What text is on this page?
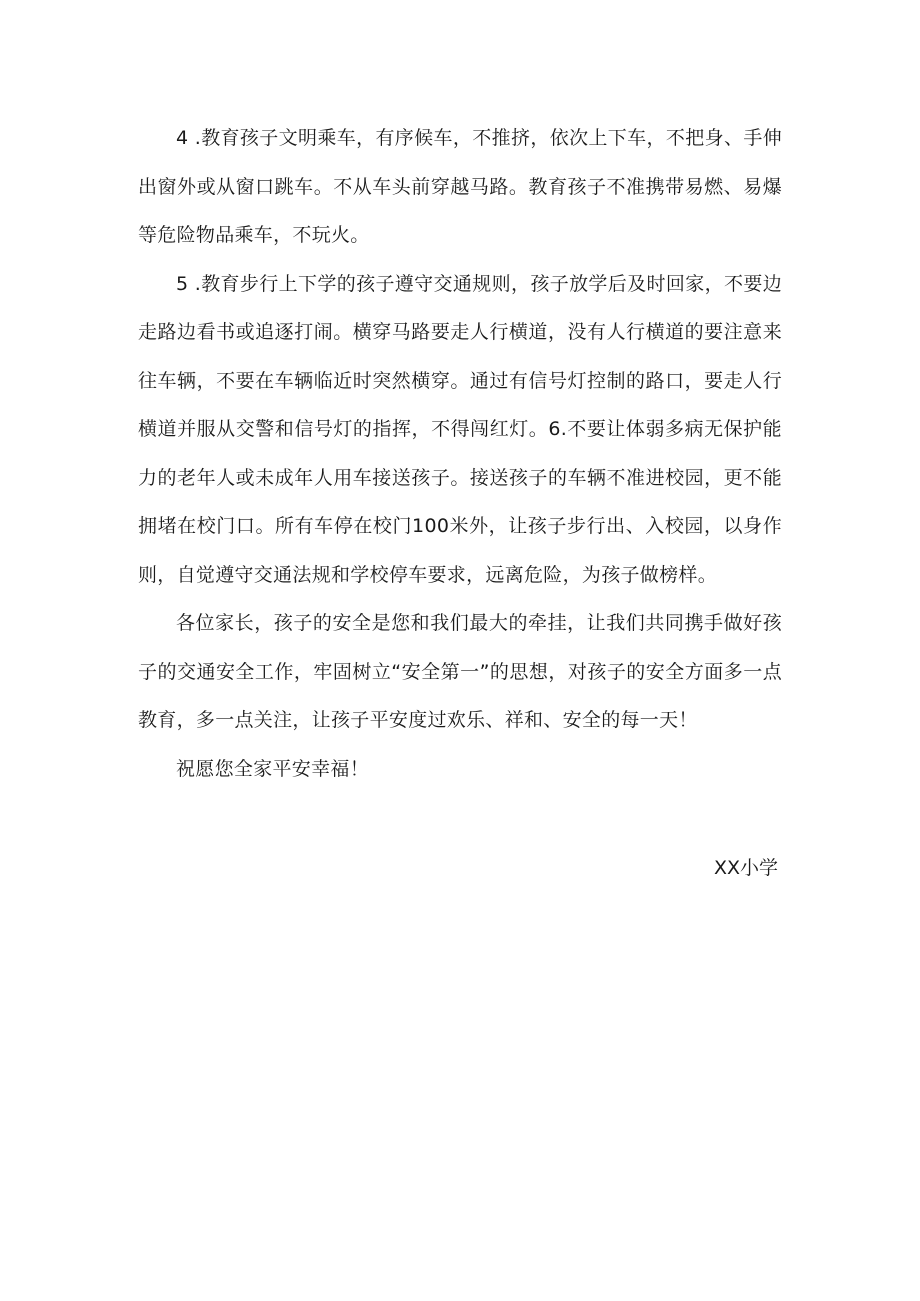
4 .教育孩子文明乘车，有序候车，不推挤，依次上下车，不把身、手伸出窗外或从窗口跳车。不从车头前穿越马路。教育孩子不准携带易燃、易爆等危险物品乘车，不玩火。

5 .教育步行上下学的孩子遵守交通规则，孩子放学后及时回家，不要边走路边看书或追逐打闹。横穿马路要走人行横道，没有人行横道的要注意来往车辆，不要在车辆临近时突然横穿。通过有信号灯控制的路口，要走人行横道并服从交警和信号灯的指挥，不得闯红灯。6.不要让体弱多病无保护能力的老年人或未成年人用车接送孩子。接送孩子的车辆不准进校园，更不能拥堵在校门口。所有车停在校门100米外，让孩子步行出、入校园，以身作则，自觉遵守交通法规和学校停车要求，远离危险，为孩子做榜样。

各位家长，孩子的安全是您和我们最大的牵挂，让我们共同携手做好孩子的交通安全工作，牢固树立“安全第一”的思想，对孩子的安全方面多一点教育，多一点关注，让孩子平安度过欢乐、祥和、安全的每一天！

祝愿您全家平安幸福！

XX小学
